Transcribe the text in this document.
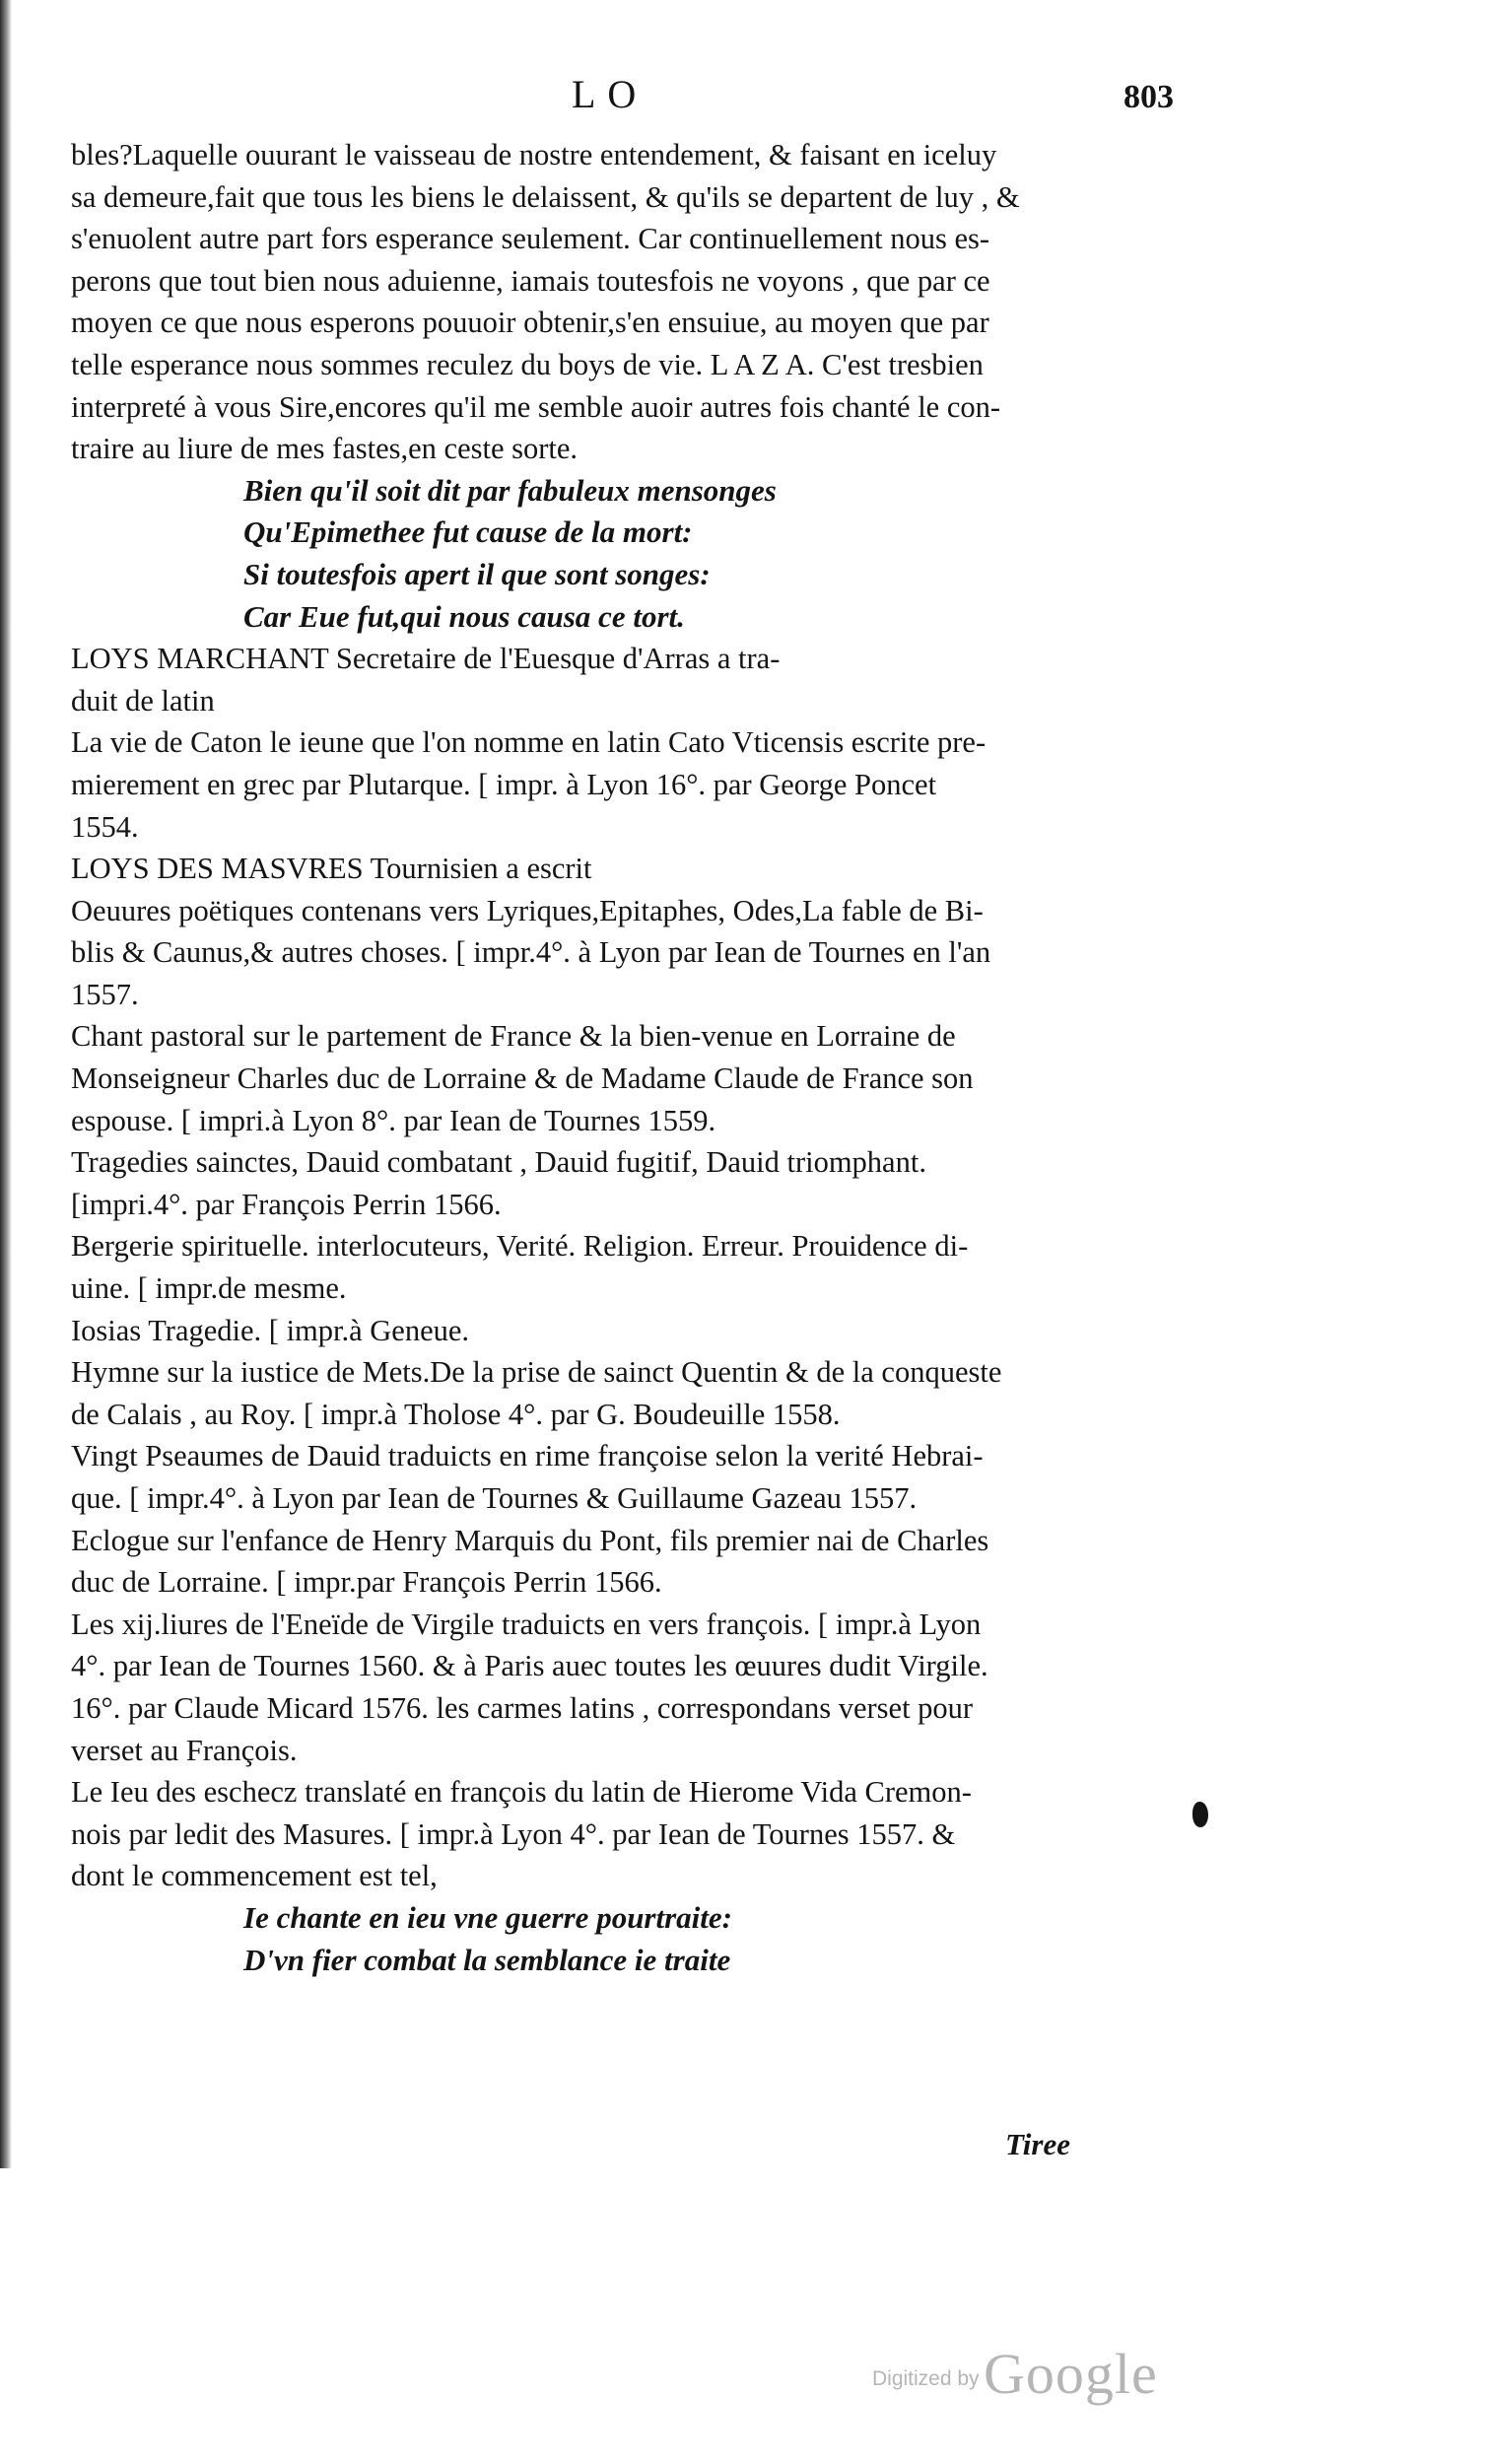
LO	803
bles?Laquelle ouurant le vaisseau de nostre entendement, & faisant en iceluy
sa demeure,fait que tous les biens le delaissent, & qu'ils se departent de luy , &
s'enuolent autre part fors esperance seulement. Car continuellement nous es-
perons que tout bien nous aduienne, iamais toutesfois ne voyons , que par ce
moyen ce que nous esperons pouuoir obtenir,s'en ensuiue, au moyen que par
telle esperance nous sommes reculez du boys de vie. L A Z A. C'est tresbien
interpreté à vous Sire,encores qu'il me semble auoir autres fois chanté le con-
traire au liure de mes fastes,en ceste sorte.
Bien qu'il soit dit par fabuleux mensonges
Qu'Epimethee fut cause de la mort:
Si toutesfois apert il que sont songes:
Car Eue fut,qui nous causa ce tort.
LOYS MARCHANT Secretaire de l'Euesque d'Arras a tra-
duit de latin
La vie de Caton le ieune que l'on nomme en latin Cato Vticensis escrite pre-
mierement en grec par Plutarque. [ impr. à Lyon 16°. par George Poncet
1554.
LOYS DES MASVRES Tournisien a escrit
Oeuures poëtiques contenans vers Lyriques,Epitaphes, Odes,La fable de Bi-
blis & Caunus,& autres choses. [ impr.4°. à Lyon par Iean de Tournes en l'an
1557.
Chant pastoral sur le partement de France & la bien-venue en Lorraine de
Monseigneur Charles duc de Lorraine & de Madame Claude de France son
espouse. [ impri.à Lyon 8°. par Iean de Tournes 1559.
Tragedies sainctes, Dauid combatant , Dauid fugitif, Dauid triomphant.
[impri.4°. par François Perrin 1566.
Bergerie spirituelle. interlocuteurs, Verité. Religion. Erreur. Prouidence di-
uine. [ impr.de mesme.
Iosias Tragedie. [ impr.à Geneue.
Hymne sur la iustice de Mets.De la prise de sainct Quentin & de la conqueste
de Calais , au Roy. [ impr.à Tholose 4°. par G. Boudeuille 1558.
Vingt Pseaumes de Dauid traduicts en rime françoise selon la verité Hebrai-
que. [ impr.4°. à Lyon par Iean de Tournes & Guillaume Gazeau 1557.
Eclogue sur l'enfance de Henry Marquis du Pont, fils premier nai de Charles
duc de Lorraine. [ impr.par François Perrin 1566.
Les xij.liures de l'Eneïde de Virgile traduicts en vers françois. [ impr.à Lyon
4°. par Iean de Tournes 1560. & à Paris auec toutes les œuures dudit Virgile.
16°. par Claude Micard 1576. les carmes latins , correspondans verset pour
verset au François.
Le Ieu des eschecz translaté en françois du latin de Hierome Vida Cremon-
nois par ledit des Masures. [ impr.à Lyon 4°. par Iean de Tournes 1557. &
dont le commencement est tel,
Ie chante en ieu vne guerre pourtraite:
D'vn fier combat la semblance ie traite
Tiree
Digitized by Google
